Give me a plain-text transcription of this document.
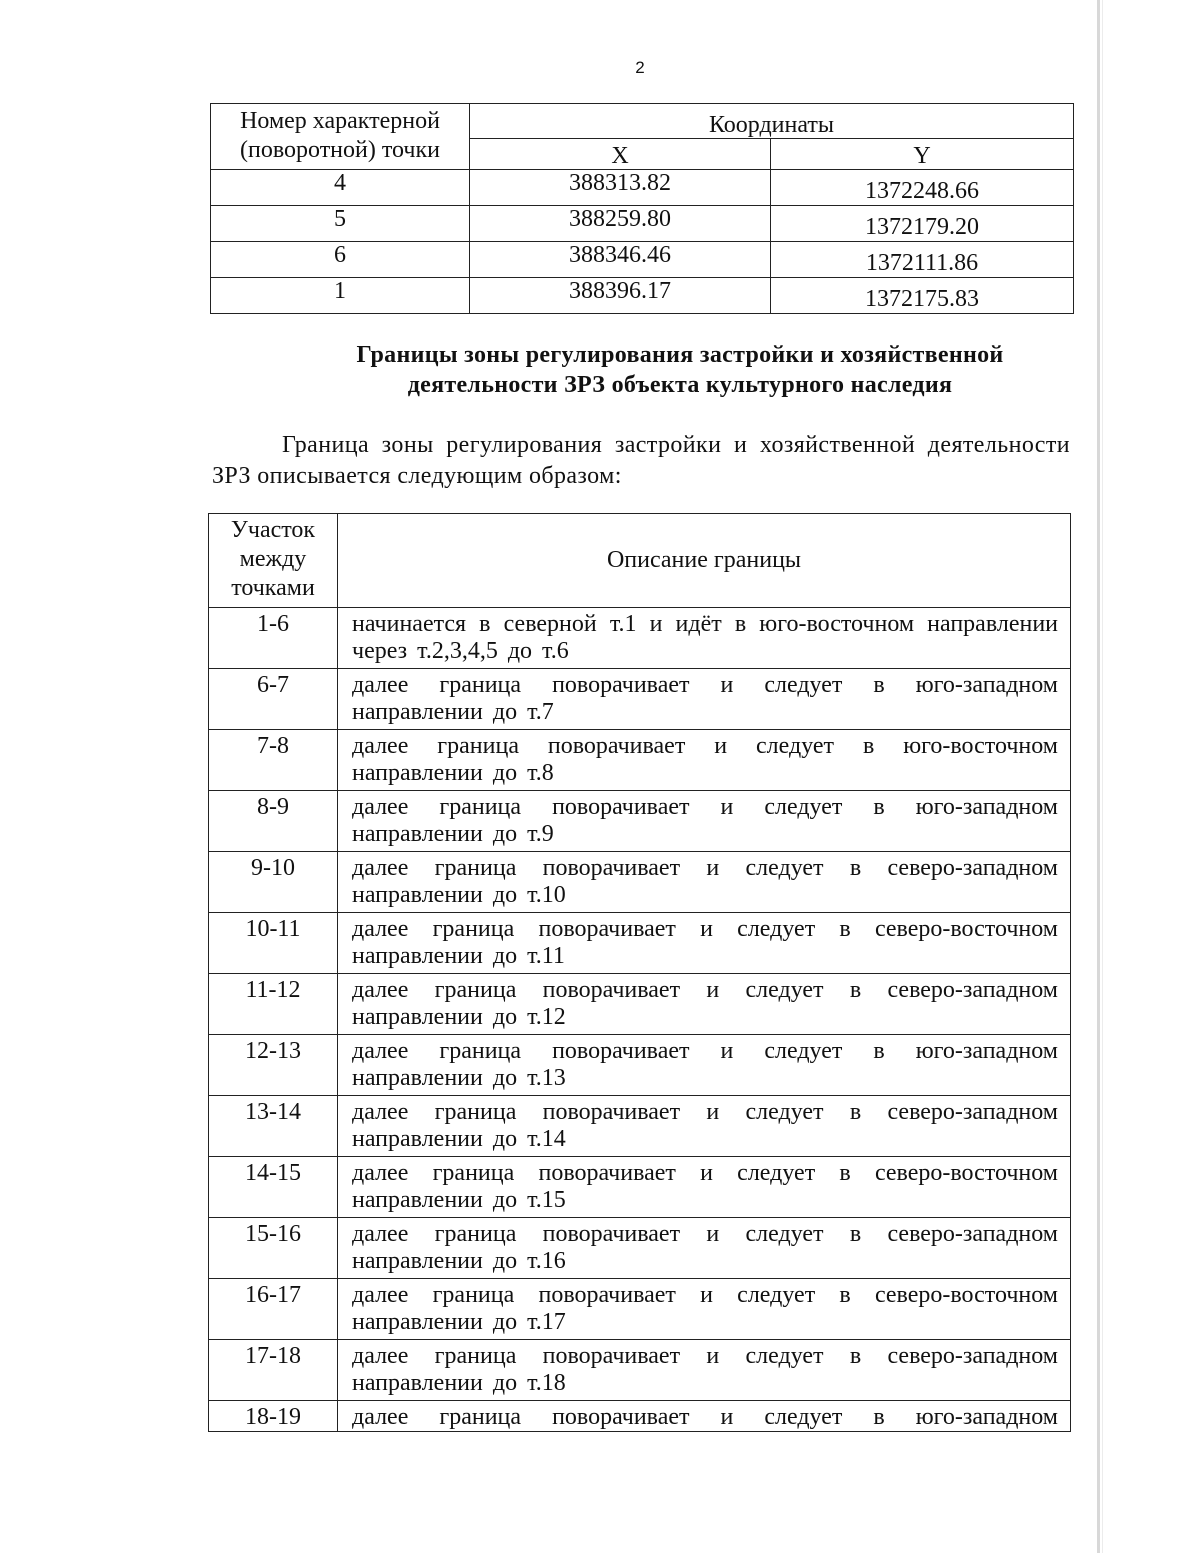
2
Номер характерной (поворотной) точки	Координаты	
	X	Y
4	388313.82	1372248.66
5	388259.80	1372179.20
6	388346.46	1372111.86
1	388396.17	1372175.83
Границы зоны регулирования застройки и хозяйственной деятельности ЗРЗ объекта культурного наследия
Граница зоны регулирования застройки и хозяйственной деятельности ЗРЗ описывается следующим образом:
Участок между точками	Описание границы
1-6	начинается в северной т.1 и идёт в юго-восточном направлении через т.2,3,4,5 до т.6
6-7	далее граница поворачивает и следует в юго-западном направлении до т.7
7-8	далее граница поворачивает и следует в юго-восточном направлении до т.8
8-9	далее граница поворачивает и следует в юго-западном направлении до т.9
9-10	далее граница поворачивает и следует в северо-западном направлении до т.10
10-11	далее граница поворачивает и следует в северо-восточном направлении до т.11
11-12	далее граница поворачивает и следует в северо-западном направлении до т.12
12-13	далее граница поворачивает и следует в юго-западном направлении до т.13
13-14	далее граница поворачивает и следует в северо-западном направлении до т.14
14-15	далее граница поворачивает и следует в северо-восточном направлении до т.15
15-16	далее граница поворачивает и следует в северо-западном направлении до т.16
16-17	далее граница поворачивает и следует в северо-восточном направлении до т.17
17-18	далее граница поворачивает и следует в северо-западном направлении до т.18
18-19	далее граница поворачивает и следует в юго-западном
